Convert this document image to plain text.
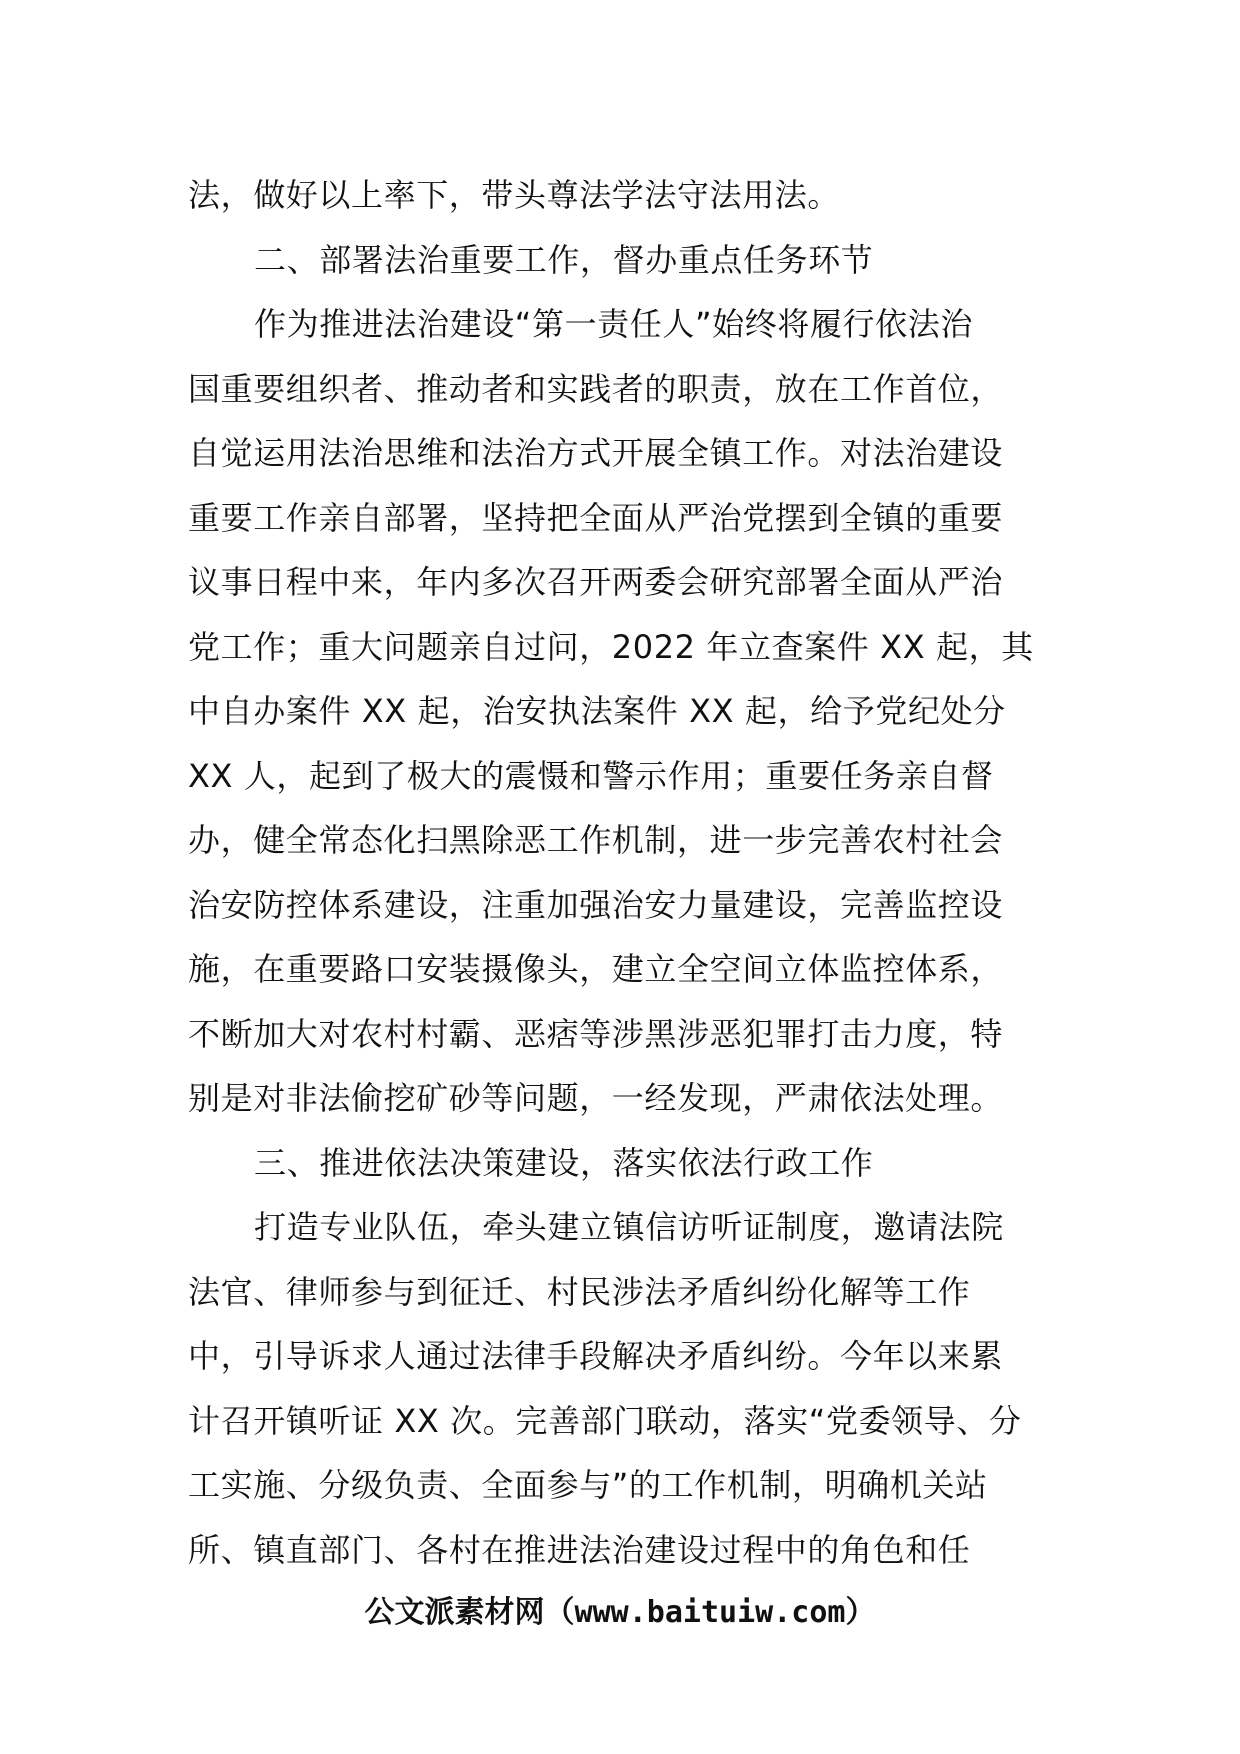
法，做好以上率下，带头尊法学法守法用法。
二、部署法治重要工作，督办重点任务环节
作为推进法治建设“第一责任人”始终将履行依法治
国重要组织者、推动者和实践者的职责，放在工作首位，
自觉运用法治思维和法治方式开展全镇工作。对法治建设
重要工作亲自部署，坚持把全面从严治党摆到全镇的重要
议事日程中来，年内多次召开两委会研究部署全面从严治
党工作；重大问题亲自过问，2022 年立查案件 XX 起，其
中自办案件 XX 起，治安执法案件 XX 起，给予党纪处分
XX 人，起到了极大的震慑和警示作用；重要任务亲自督
办，健全常态化扫黑除恶工作机制，进一步完善农村社会
治安防控体系建设，注重加强治安力量建设，完善监控设
施，在重要路口安装摄像头，建立全空间立体监控体系，
不断加大对农村村霸、恶痞等涉黑涉恶犯罪打击力度，特
别是对非法偷挖矿砂等问题，一经发现，严肃依法处理。
三、推进依法决策建设，落实依法行政工作
打造专业队伍，牵头建立镇信访听证制度，邀请法院
法官、律师参与到征迁、村民涉法矛盾纠纷化解等工作
中，引导诉求人通过法律手段解决矛盾纠纷。今年以来累
计召开镇听证 XX 次。完善部门联动，落实“党委领导、分
工实施、分级负责、全面参与”的工作机制，明确机关站
所、镇直部门、各村在推进法治建设过程中的角色和任
公文派素材网（www.baituiw.com）
